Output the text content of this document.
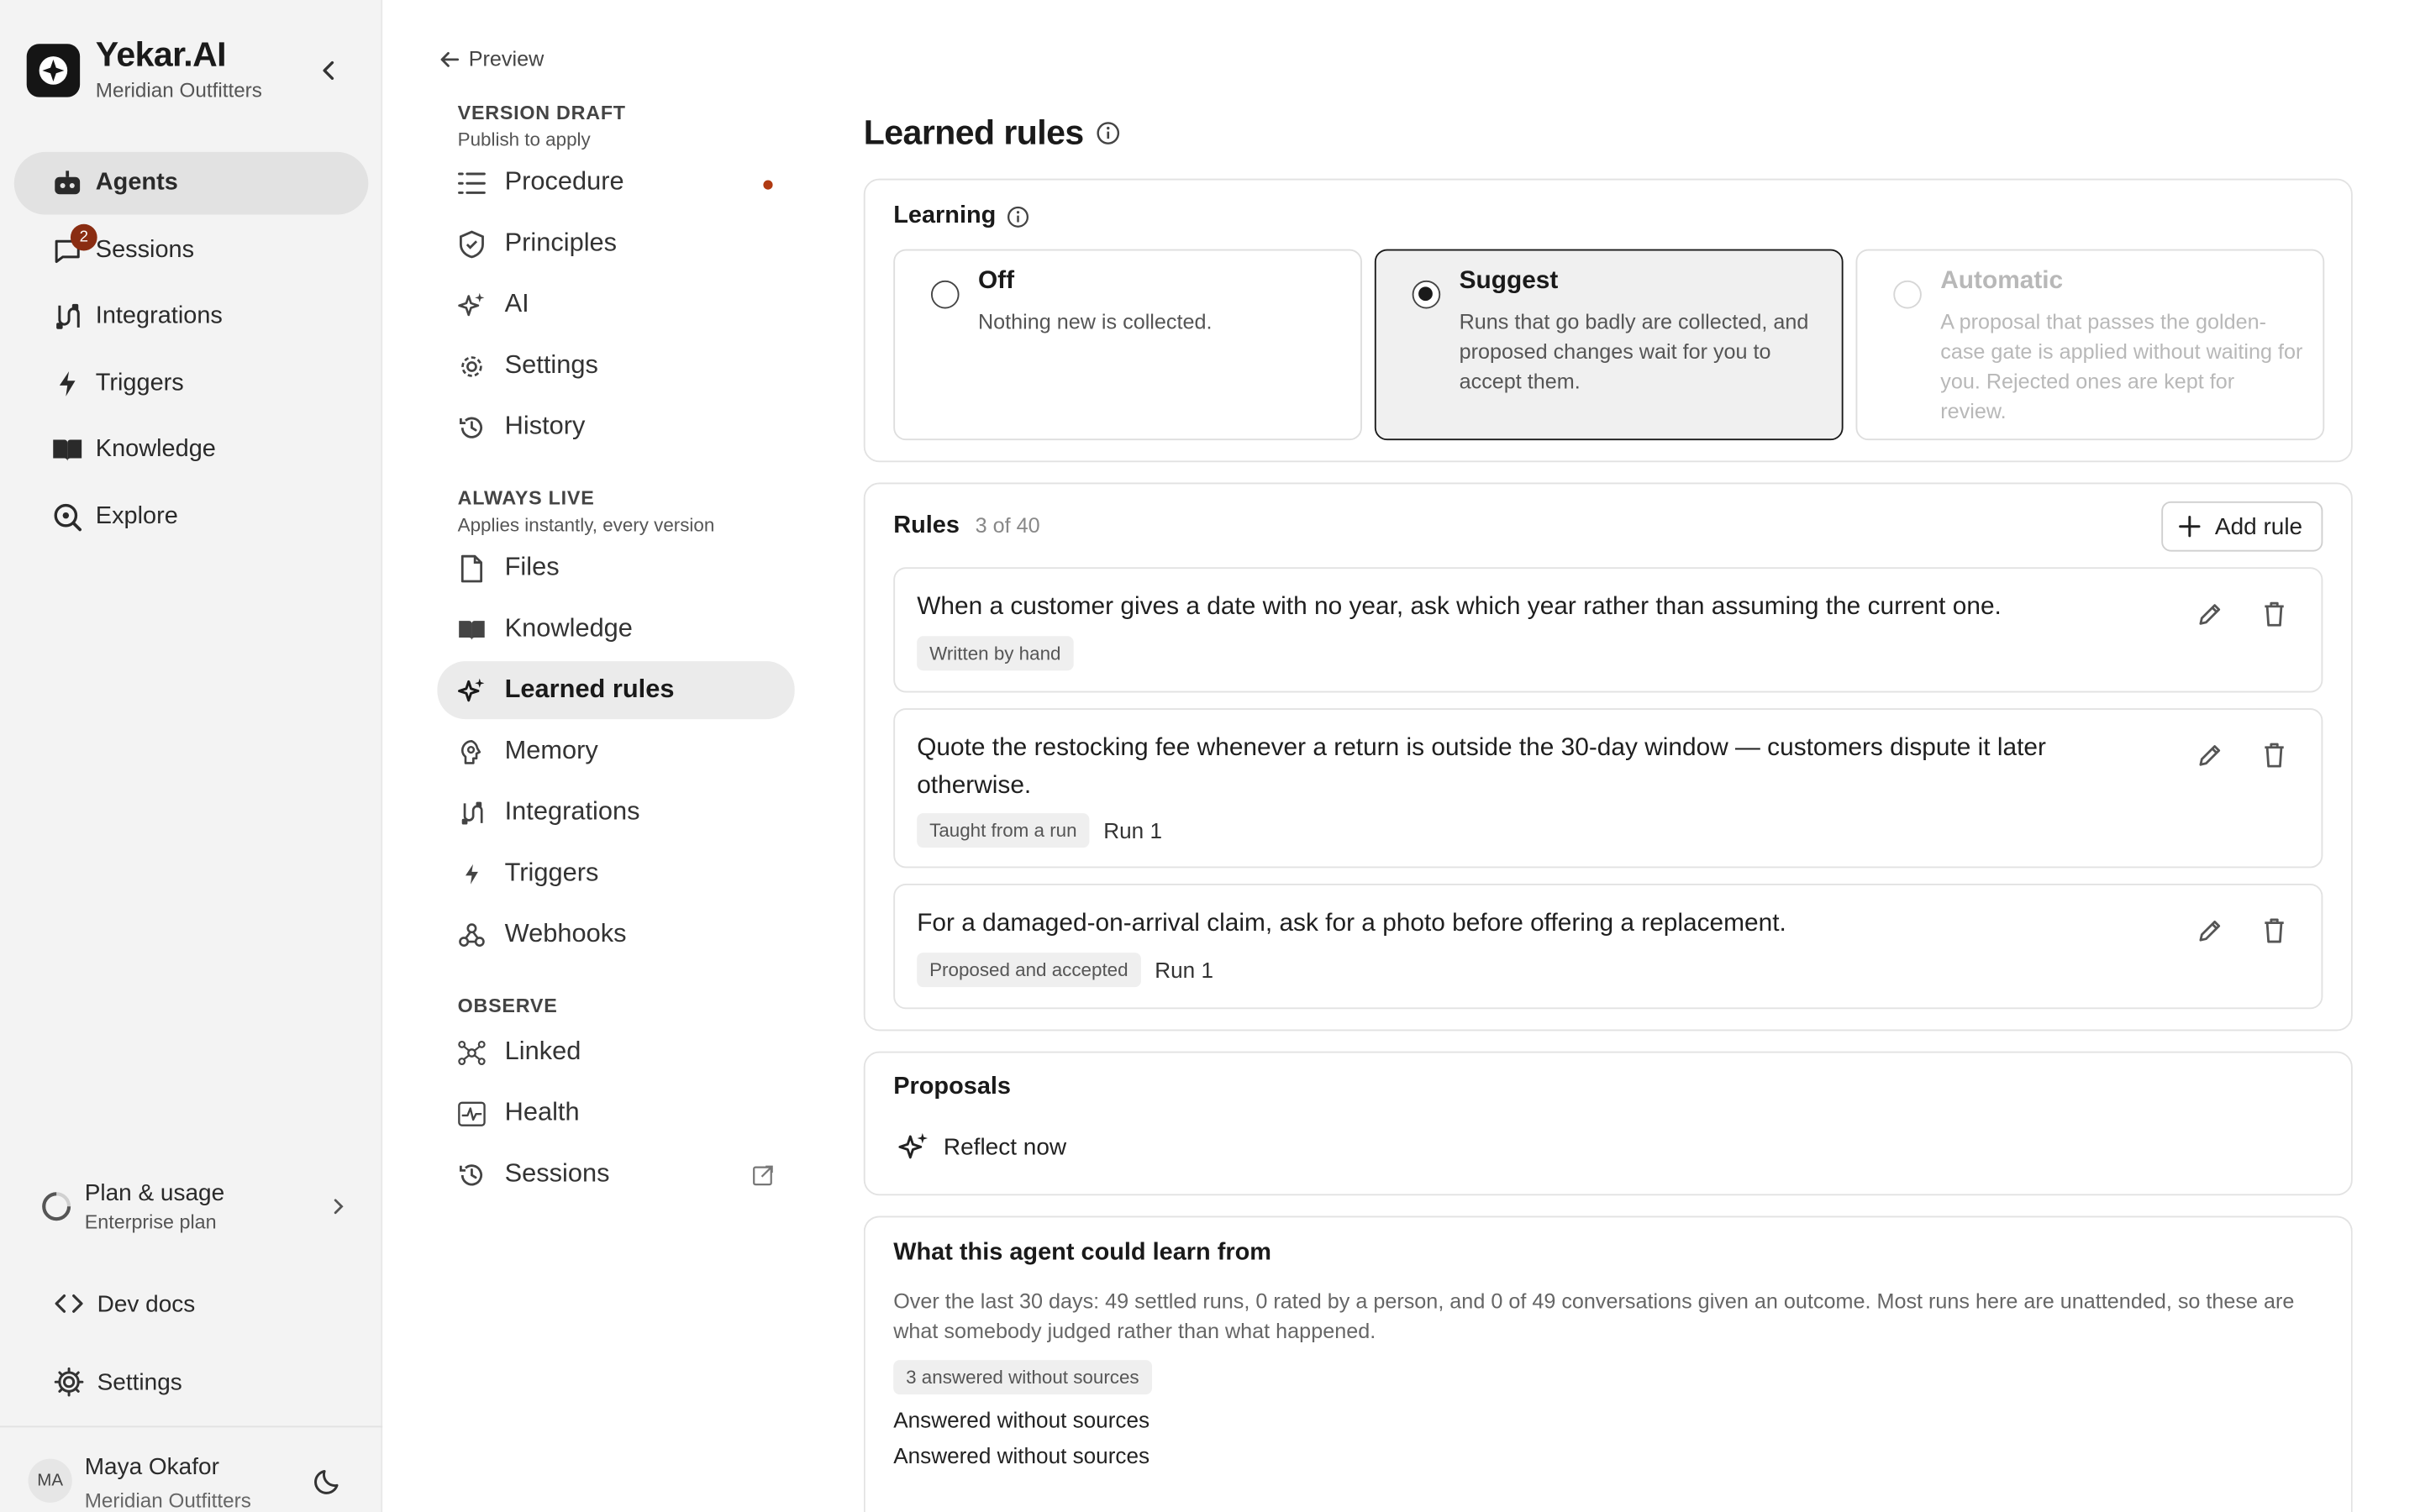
Yekar.AI
Meridian Outfitters
Agents
2 Sessions
Integrations
Triggers
Knowledge
Explore
Plan & usage
Enterprise plan
Dev docs
Settings
MA
Maya Okafor
Meridian Outfitters
Preview
VERSION DRAFT
Publish to apply
Procedure
Principles
AI
Settings
History
ALWAYS LIVE
Applies instantly, every version
Files
Knowledge
Learned rules
Memory
Integrations
Triggers
Webhooks
OBSERVE
Linked
Health
Sessions
Learned rules
Learning
Off
Nothing new is collected.
Suggest
Runs that go badly are collected, and proposed changes wait for you to accept them.
Automatic
A proposal that passes the golden-case gate is applied without waiting for you. Rejected ones are kept for review.
Rules 3 of 40	Add rule
When a customer gives a date with no year, ask which year rather than assuming the current one.
Written by hand
Quote the restocking fee whenever a return is outside the 30-day window — customers dispute it later otherwise.
Taught from a run	Run 1
For a damaged-on-arrival claim, ask for a photo before offering a replacement.
Proposed and accepted	Run 1
Proposals
Reflect now
What this agent could learn from
Over the last 30 days: 49 settled runs, 0 rated by a person, and 0 of 49 conversations given an outcome. Most runs here are unattended, so these are what somebody judged rather than what happened.
3 answered without sources
Answered without sources
Answered without sources
